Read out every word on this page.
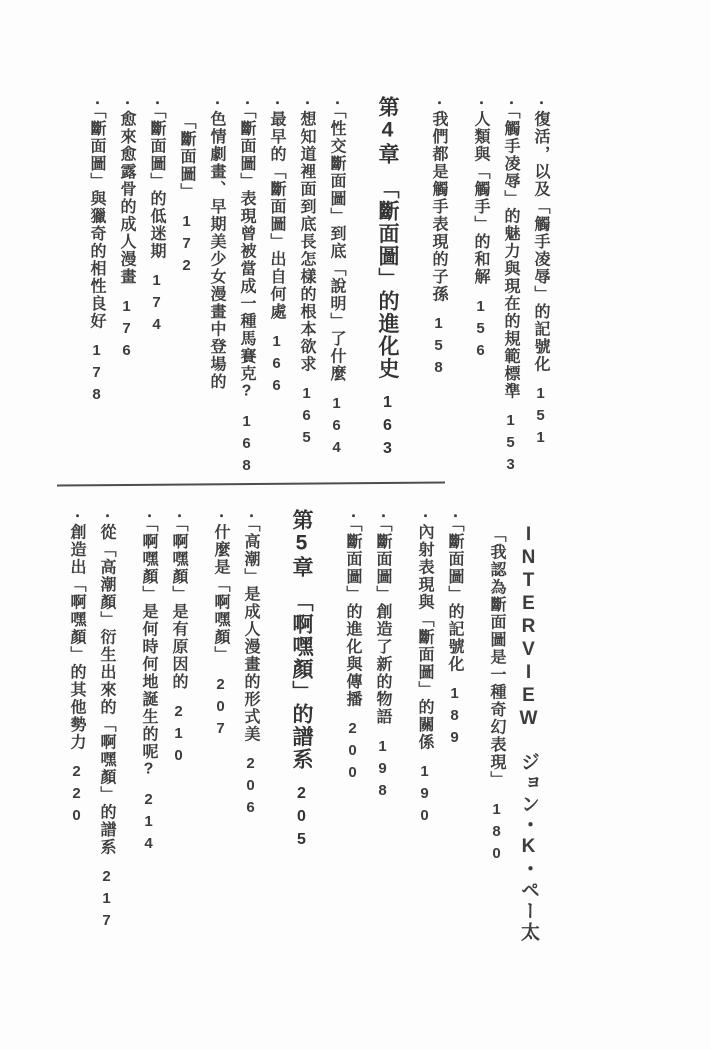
・復活，以及「觸手凌辱」的記號化151
・「觸手凌辱」的魅力與現在的規範標準153
・人類與「觸手」的和解156
・我們都是觸手表現的子孫158
第4章　「斷面圖」的進化史163
・「性交斷面圖」到底「說明」了什麼164
・想知道裡面到底長怎樣的根本欲求165
・最早的「斷面圖」出自何處166
・「斷面圖」表現曾被當成一種馬賽克?168
・色情劇畫、早期美少女漫畫中登場的
「斷面圖」172
・「斷面圖」的低迷期174
・愈來愈露骨的成人漫畫176
・「斷面圖」與獵奇的相性良好178
INTERVIEW　ジョン・K・ペー太
「我認為斷面圖是一種奇幻表現」180
・「斷面圖」的記號化189
・內射表現與「斷面圖」的關係190
・「斷面圖」創造了新的物語198
・「斷面圖」的進化與傳播200
第5章　「啊嘿顏」的譜系205
・「高潮」是成人漫畫的形式美206
・什麼是「啊嘿顏」207
・「啊嘿顏」是有原因的210
・「啊嘿顏」是何時何地誕生的呢?214
・從「高潮顏」衍生出來的「啊嘿顏」的譜系217
・創造出「啊嘿顏」的其他勢力220
